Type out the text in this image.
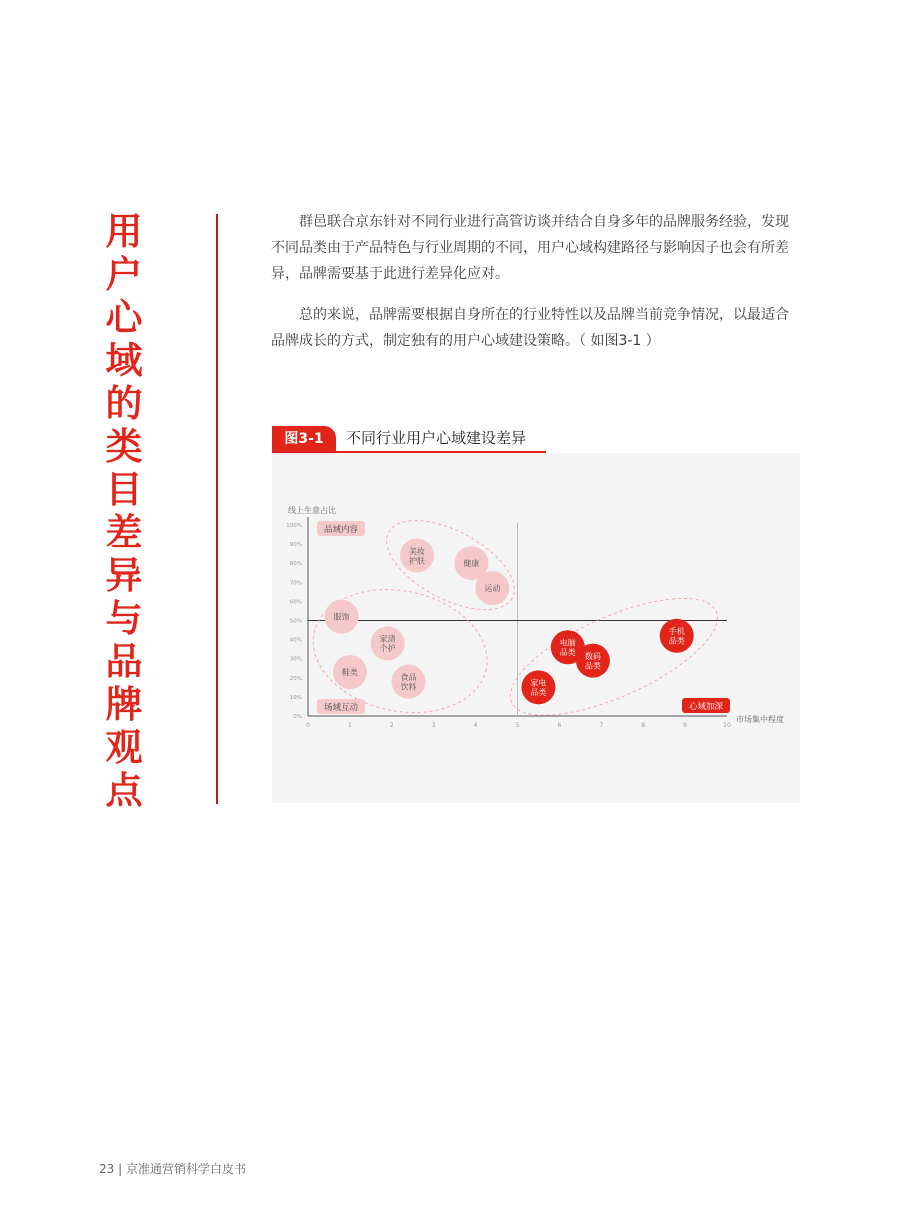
用
户
心
域
的
类
目
差
异
与
品
牌
观
点

群邑联合京东针对不同行业进行高管访谈并结合自身多年的品牌服务经验，发现不同品类由于产品特色与行业周期的不同，用户心域构建路径与影响因子也会有所差异，品牌需要基于此进行差异化应对。

总的来说，品牌需要根据自身所在的行业特性以及品牌当前竞争情况，以最适合品牌成长的方式，制定独有的用户心域建设策略。（ 如图3-1 ）

图3-1	不同行业用户心域建设差异
线上生意占比
市场集中程度
0	1	2	3	4	5	6	7	8	9	10
0%
10%
20%
30%
40%
50%
60%
70%
80%
90%
100%	品域内容
场域互动	心域加深
美妆护肤	健康
运动
服饰
家清个护
鞋类
食品饮料
电脑品类 数码品类
家电品类
手机品类
23 | 京准通营销科学白皮书
